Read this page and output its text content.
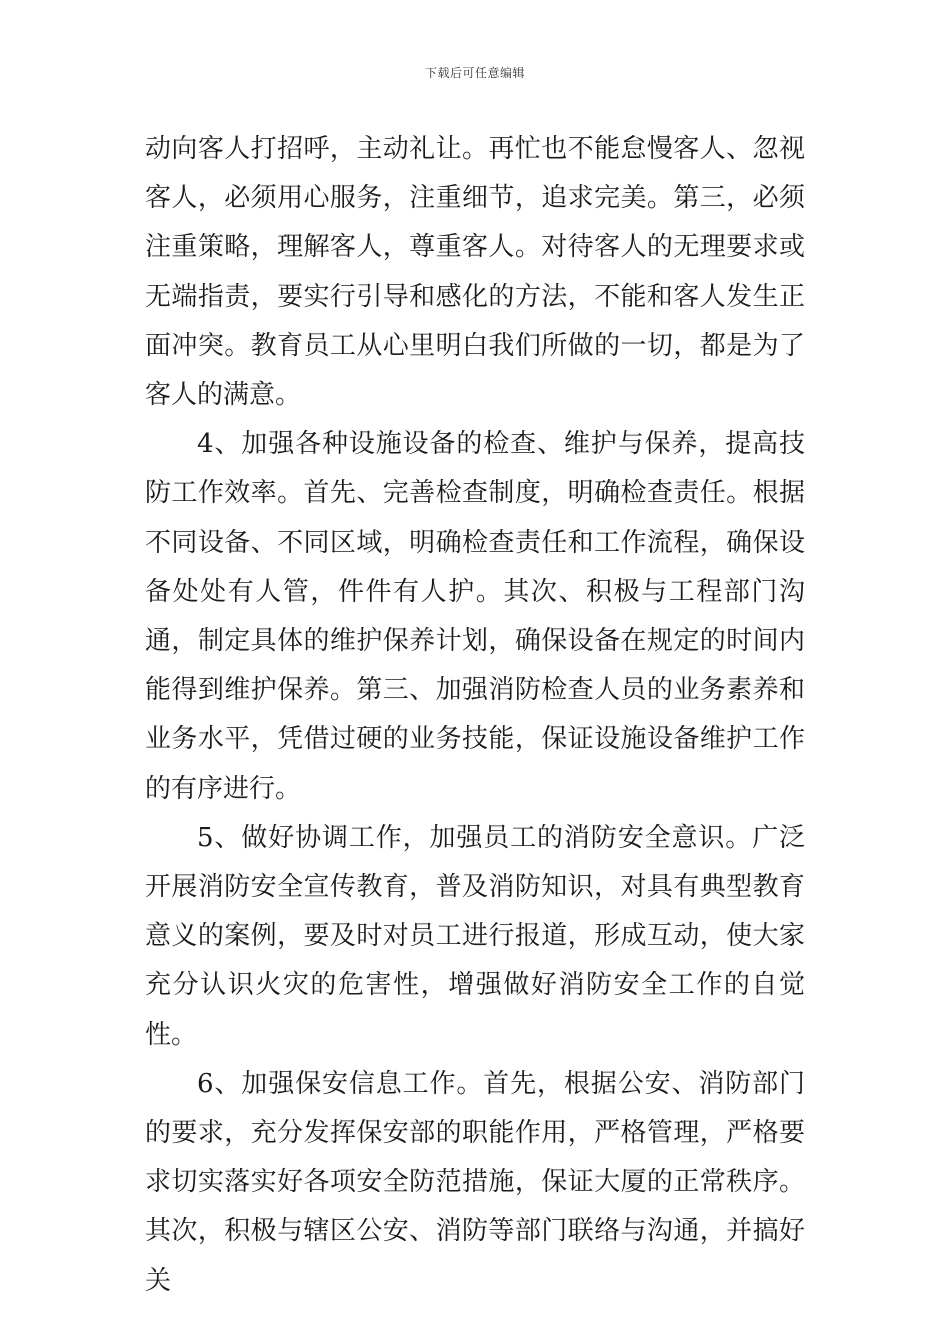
下载后可任意编辑

动向客人打招呼，主动礼让。再忙也不能怠慢客人、忽视客人，必须用心服务，注重细节，追求完美。第三，必须注重策略，理解客人，尊重客人。对待客人的无理要求或无端指责，要实行引导和感化的方法，不能和客人发生正面冲突。教育员工从心里明白我们所做的一切，都是为了客人的满意。

4、加强各种设施设备的检查、维护与保养，提高技防工作效率。首先、完善检查制度，明确检查责任。根据不同设备、不同区域，明确检查责任和工作流程，确保设备处处有人管，件件有人护。其次、积极与工程部门沟通，制定具体的维护保养计划，确保设备在规定的时间内能得到维护保养。第三、加强消防检查人员的业务素养和业务水平，凭借过硬的业务技能，保证设施设备维护工作的有序进行。

5、做好协调工作，加强员工的消防安全意识。广泛开展消防安全宣传教育，普及消防知识，对具有典型教育意义的案例，要及时对员工进行报道，形成互动，使大家充分认识火灾的危害性，增强做好消防安全工作的自觉性。

6、加强保安信息工作。首先，根据公安、消防部门的要求，充分发挥保安部的职能作用，严格管理，严格要求切实落实好各项安全防范措施，保证大厦的正常秩序。其次，积极与辖区公安、消防等部门联络与沟通，并搞好关
